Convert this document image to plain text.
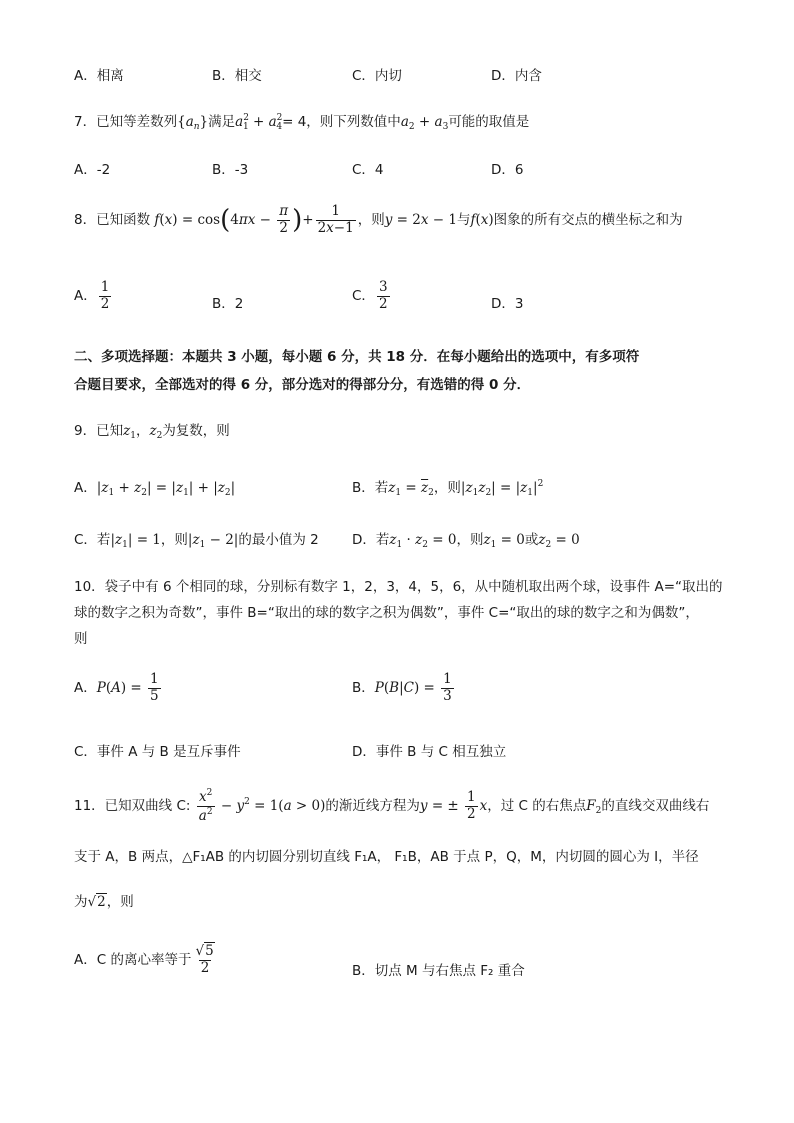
A．相离	B．相交	C．内切	D．内含
7．已知等差数列$\{a_n\}$满足$a^2_1 + a^2_4= 4$，则下列数值中$a_2 + a_3$可能的取值是
A．-2	B．-3	C．4	D．6
8．已知函数 $f(x) = \cos(4\pi x - \frac{\pi}{2}$ )+ $\frac{1}{2x-1}$ ，则y = 2x − 1与f(x)图象的所有交点的横坐标之和为
A． $\frac{1}{2}$	B．2	C． $\frac{3}{2}$	D．3
二、多项选择题：本题共 3 小题，每小题 6 分，共 18 分．在每小题给出的选项中，有多项符
合题目要求，全部选对的得 6 分，部分选对的得部分分，有选错的得 0 分．
9．已知$z_1$，$z_2$为复数，则
A．$|z_1 + z_2| = |z_1| + |z_2|$	B．若$z_1 = \overline{z}_2$，则$|z_1z_2| = |z_1|^2$
C．若$|z_1| = 1$，则$|z_1 - 2|$的最小值为 2 D．若$z_1 \cdot z_2 = 0$，则$z_1 = 0$或$z_2 = 0$
10．袋子中有 6 个相同的球，分别标有数字 1，2，3，4，5，6，从中随机取出两个球，设事件 A=“取出的
球的数字之积为奇数”，事件 B=“取出的球的数字之积为偶数”，事件 C=“取出的球的数字之和为偶数”，
则
A．$P(A) = \frac{1}{5}$	B．$P(B|C) = \frac{1}{3}$
C．事件 A 与 B 是互斥事件	D．事件 B 与 C 相互独立
11．已知双曲线 C: $\frac{x^2}{a^2} - y^2 = 1(a > 0)$的渐近线方程为y = ± $\frac{1}{2}$ x，过 C 的右焦点$F_2$的直线交双曲线右
支于 A，B 两点，△F₁AB 的内切圆分别切直线 F₁A， F₁B，AB 于点 P，Q，M，内切圆的圆心为 I，半径
为√2，则
A．C 的离心率等于 $\frac{√5}{2}$	B．切点 M 与右焦点 F₂ 重合
